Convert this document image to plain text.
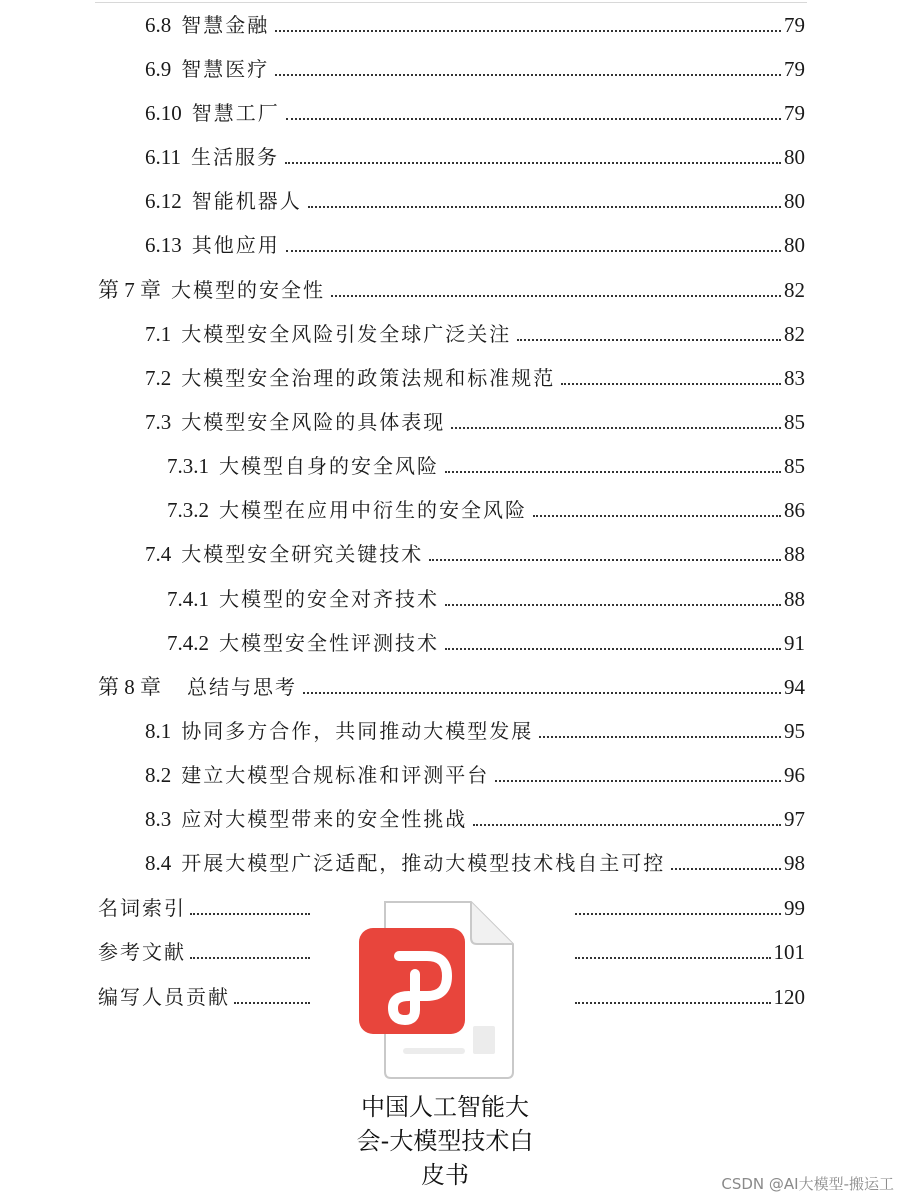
6.8 智慧金融	79
6.9 智慧医疗	79
6.10 智慧工厂	79
6.11 生活服务	80
6.12 智能机器人	80
6.13 其他应用	80
第 7 章 大模型的安全性	82
7.1 大模型安全风险引发全球广泛关注	82
7.2 大模型安全治理的政策法规和标准规范	83
7.3 大模型安全风险的具体表现	85
7.3.1 大模型自身的安全风险	85
7.3.2 大模型在应用中衍生的安全风险	86
7.4 大模型安全研究关键技术	88
7.4.1 大模型的安全对齐技术	88
7.4.2 大模型安全性评测技术	91
第 8 章 总结与思考	94
8.1 协同多方合作，共同推动大模型发展	95
8.2 建立大模型合规标准和评测平台	96
8.3 应对大模型带来的安全性挑战	97
8.4 开展大模型广泛适配，推动大模型技术栈自主可控	98
名词索引	99
参考文献	101
编写人员贡献	120
中国人工智能大
会-大模型技术白
皮书	CSDN @AI大模型-搬运工
